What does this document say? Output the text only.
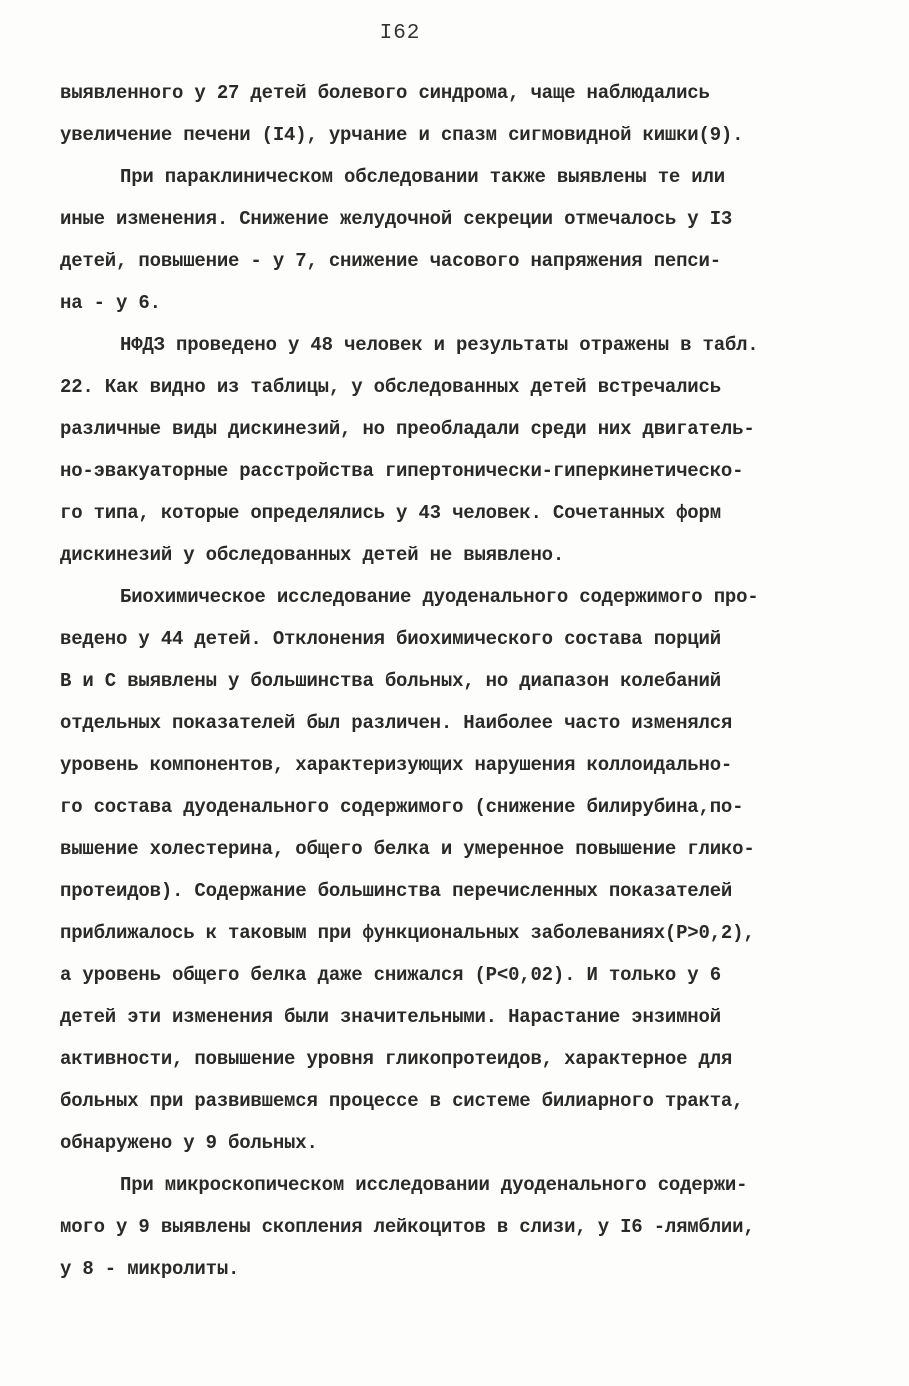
I62
выявленного у 27 детей болевого синдрома, чаще наблюдались
увеличение печени (I4), урчание и спазм сигмовидной кишки(9).
При параклиническом обследовании также выявлены те или
иные изменения. Снижение желудочной секреции отмечалось у I3
детей, повышение - у 7, снижение часового напряжения пепси-
на - у 6.
НФДЗ проведено у 48 человек и результаты отражены в табл.
22. Как видно из таблицы, у обследованных детей встречались
различные виды дискинезий, но преобладали среди них двигатель-
но-эвакуаторные расстройства гипертонически-гиперкинетическо-
го типа, которые определялись у 43 человек. Сочетанных форм
дискинезий у обследованных детей не выявлено.
Биохимическое исследование дуоденального содержимого про-
ведено у 44 детей. Отклонения биохимического состава порций
В и С выявлены у большинства больных, но диапазон колебаний
отдельных показателей был различен. Наиболее часто изменялся
уровень компонентов, характеризующих нарушения коллоидально-
го состава дуоденального содержимого (снижение билирубина,по-
вышение холестерина, общего белка и умеренное повышение глико-
протеидов). Содержание большинства перечисленных показателей
приближалось к таковым при функциональных заболеваниях(P>0,2),
а уровень общего белка даже снижался (P<0,02). И только у 6
детей эти изменения были значительными. Нарастание энзимной
активности, повышение уровня гликопротеидов, характерное для
больных при развившемся процессе в системе билиарного тракта,
обнаружено у 9 больных.
При микроскопическом исследовании дуоденального содержи-
мого у 9 выявлены скопления лейкоцитов в слизи, у I6 -лямблии,
у 8 - микролиты.
